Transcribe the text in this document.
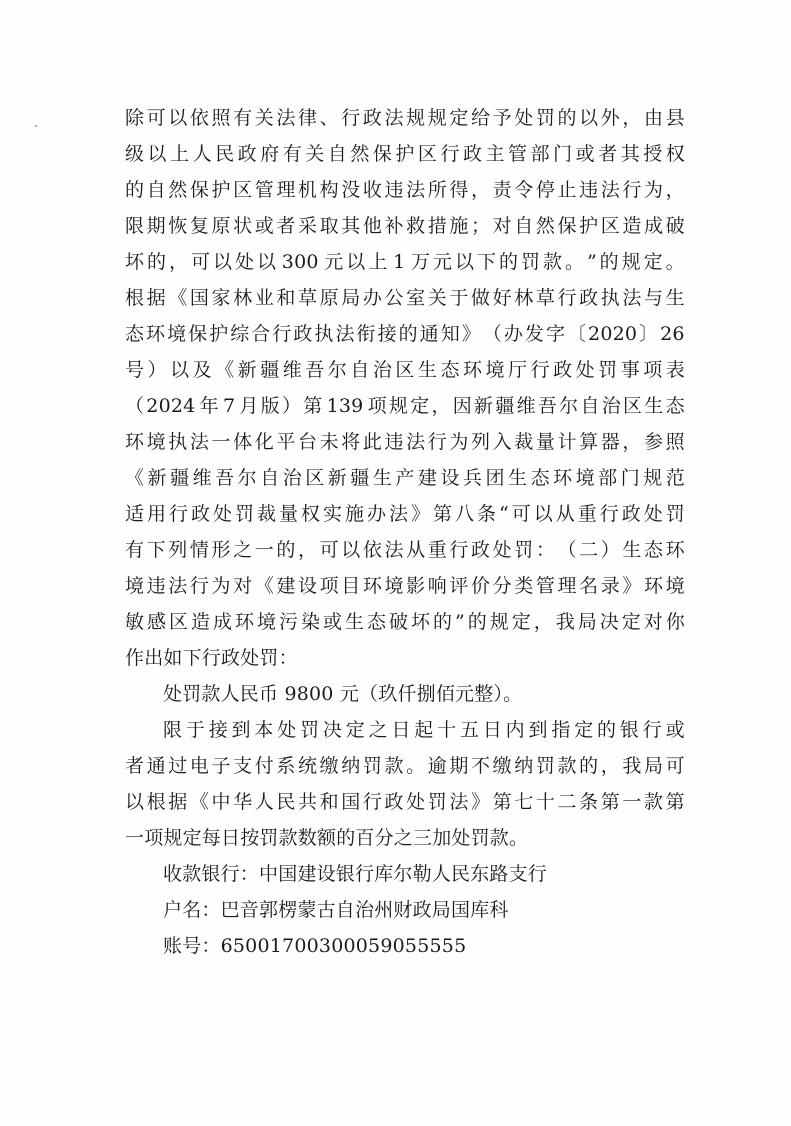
除 可 以 依 照 有 关 法 律 、 行 政 法 规 规 定 给 予 处 罚 的 以 外 ， 由 县
级 以 上 人 民 政 府 有 关 自 然 保 护 区 行 政 主 管 部 门 或 者 其 授 权
的 自 然 保 护 区 管 理 机 构 没 收 违 法 所 得 ， 责 令 停 止 违 法 行 为 ，
限 期 恢 复 原 状 或 者 采 取 其 他 补 救 措 施 ； 对 自 然 保 护 区 造 成 破
坏 的 ， 可 以 处 以 300 元 以 上 1 万 元 以 下 的 罚 款 。 ” 的 规 定 。
根 据 《 国 家 林 业 和 草 原 局 办 公 室 关 于 做 好 林 草 行 政 执 法 与 生
态 环 境 保 护 综 合 行 政 执 法 衔 接 的 通 知 》 （ 办 发 字 〔 2020 〕 26
号 ） 以 及 《 新 疆 维 吾 尔 自 治 区 生 态 环 境 厅 行 政 处 罚 事 项 表
（ 2024 年 7 月 版 ） 第 139 项 规 定 ， 因 新 疆 维 吾 尔 自 治 区 生 态
环 境 执 法 一 体 化 平 台 未 将 此 违 法 行 为 列 入 裁 量 计 算 器 ， 参 照
《 新 疆 维 吾 尔 自 治 区 新 疆 生 产 建 设 兵 团 生 态 环 境 部 门 规 范
适 用 行 政 处 罚 裁 量 权 实 施 办 法 》 第 八 条 “ 可 以 从 重 行 政 处 罚
有 下 列 情 形 之 一 的 ， 可 以 依 法 从 重 行 政 处 罚 ： （ 二 ） 生 态 环
境 违 法 行 为 对 《 建 设 项 目 环 境 影 响 评 价 分 类 管 理 名 录 》 环 境
敏 感 区 造 成 环 境 污 染 或 生 态 破 坏 的 ” 的 规 定 ， 我 局 决 定 对 你
作出如下行政处罚：
处罚款人民币 9800 元（玖仟捌佰元整）。
限 于 接 到 本 处 罚 决 定 之 日 起 十 五 日 内 到 指 定 的 银 行 或
者 通 过 电 子 支 付 系 统 缴 纳 罚 款 。 逾 期 不 缴 纳 罚 款 的 ， 我 局 可
以 根 据 《 中 华 人 民 共 和 国 行 政 处 罚 法 》 第 七 十 二 条 第 一 款 第
一项规定每日按罚款数额的百分之三加处罚款。
收款银行：中国建设银行库尔勒人民东路支行
户名：巴音郭楞蒙古自治州财政局国库科
账号：65001700300059055555
